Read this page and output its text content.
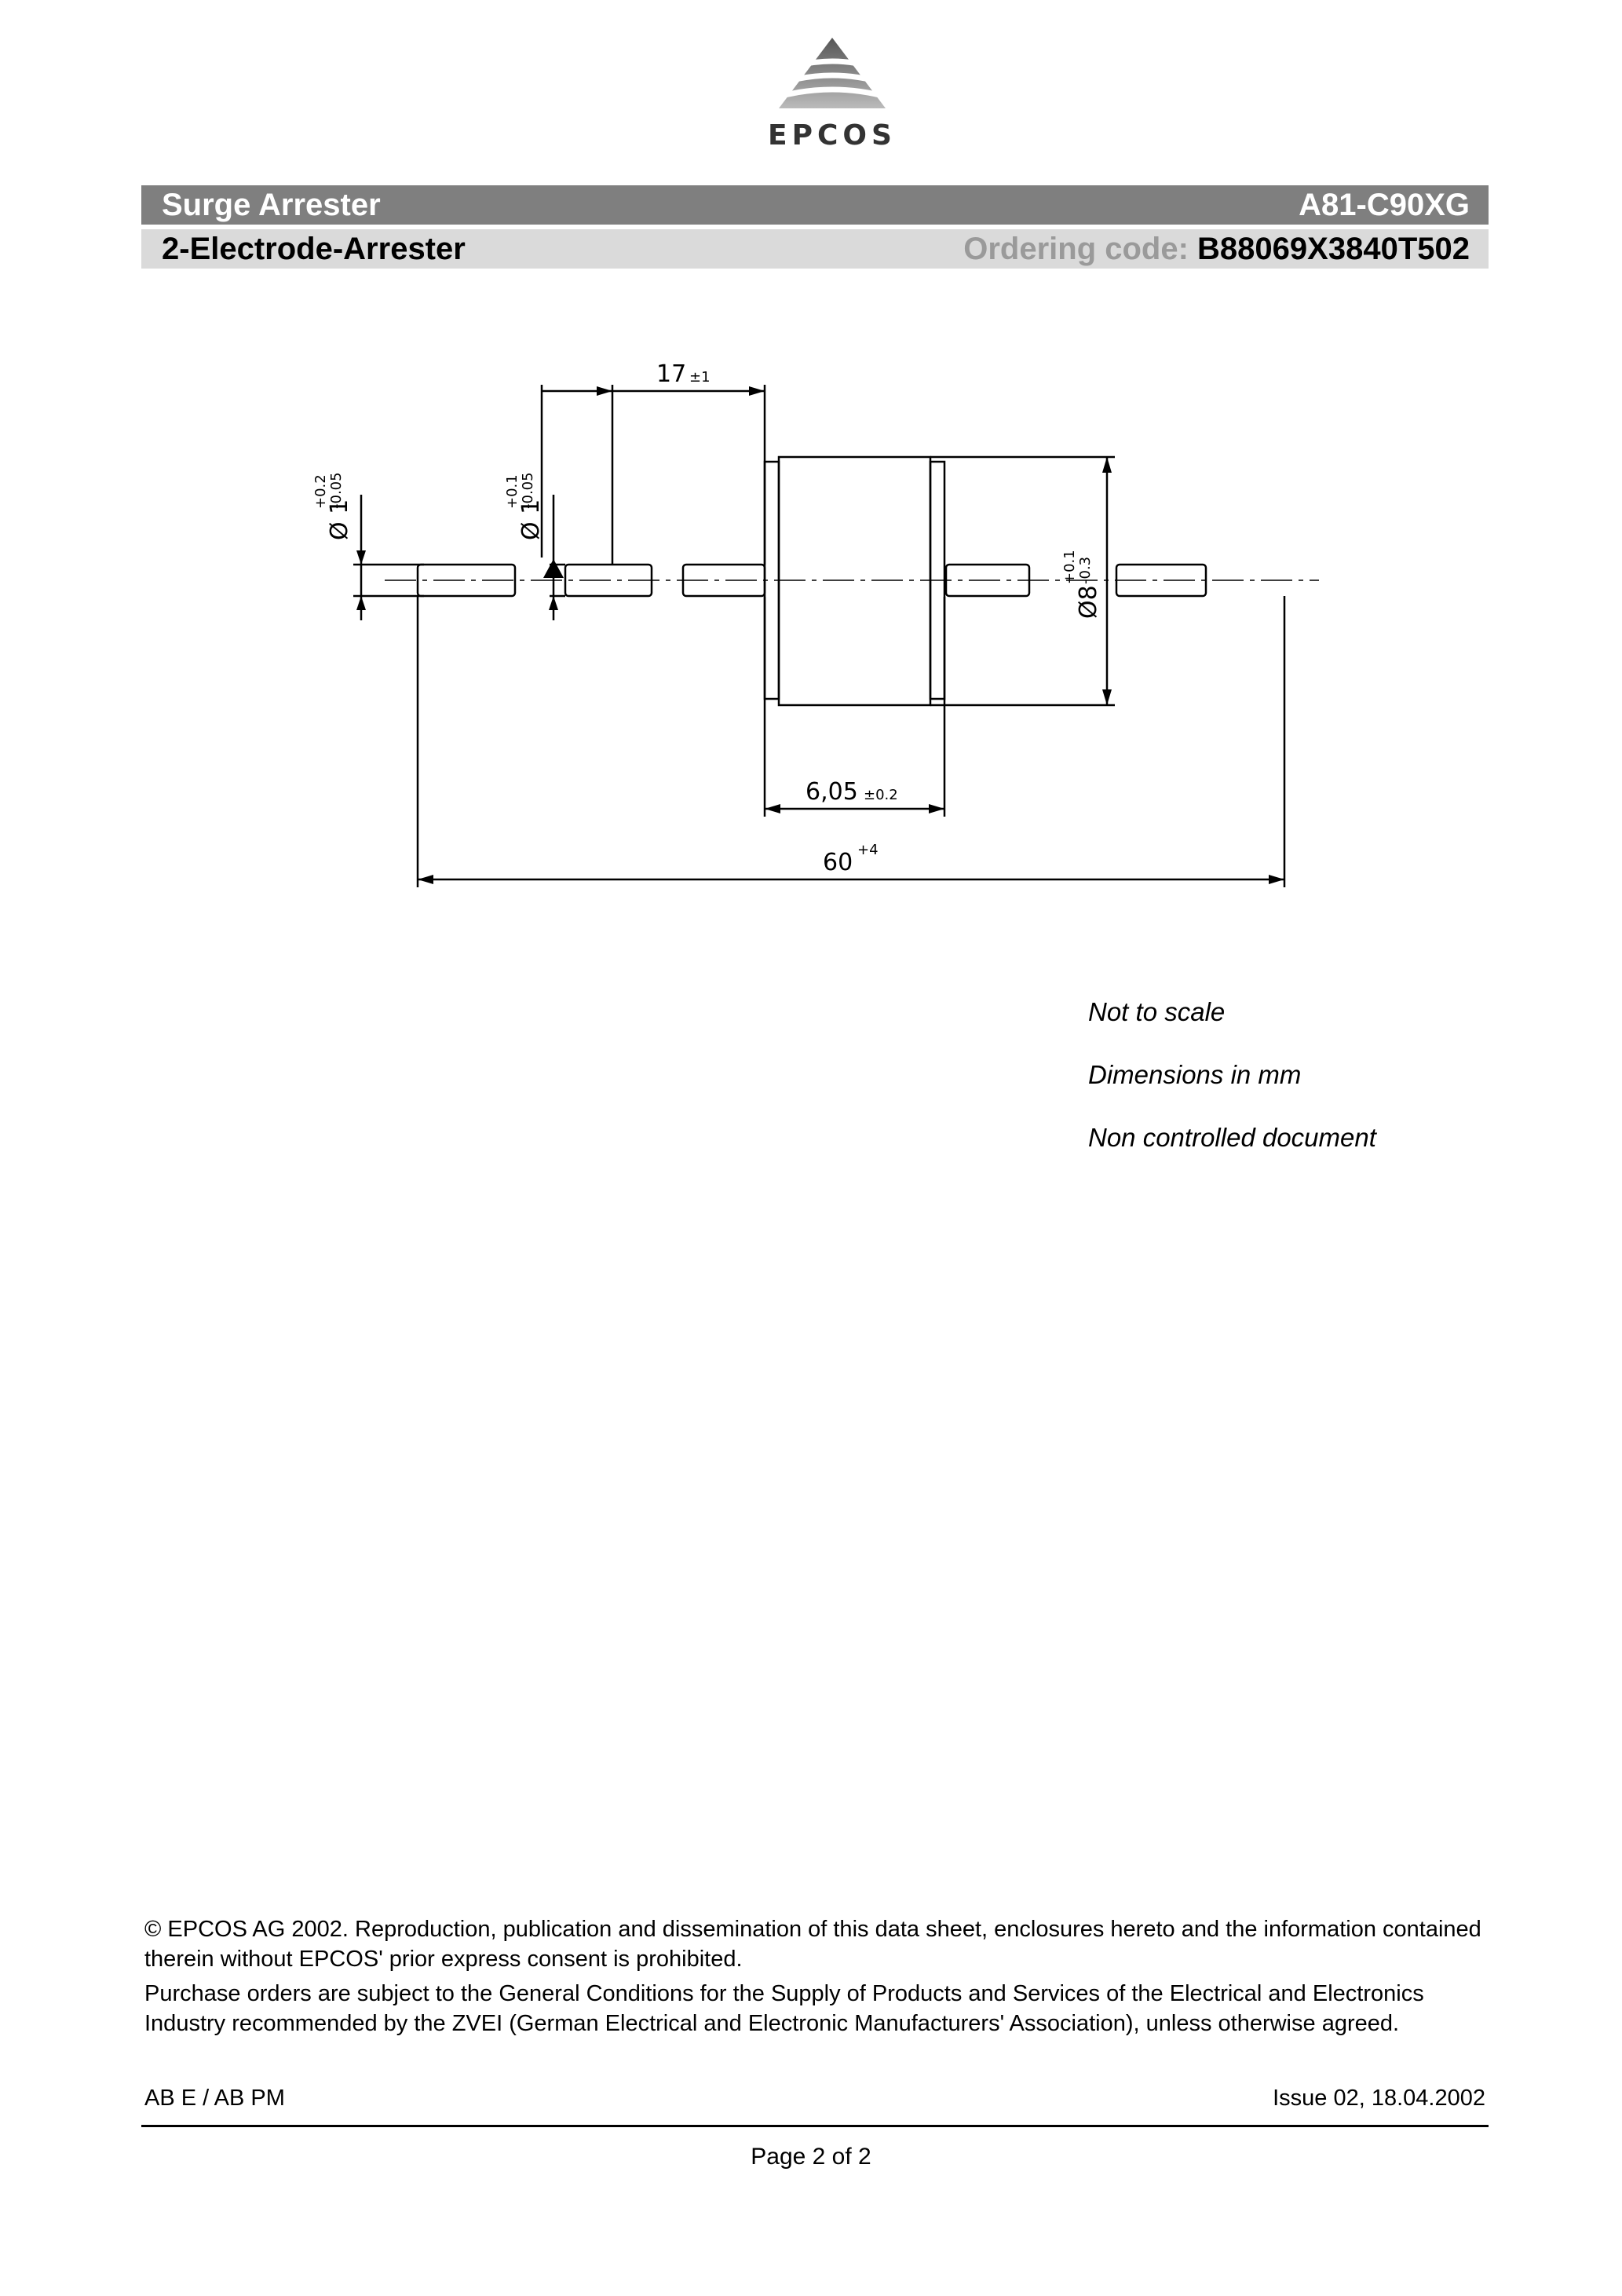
EPCOS
Surge Arrester	A81-C90XG
2-Electrode-Arrester	Ordering code: B88069X3840T502
17 ±1
Ø 1
+0.2 -0.05
Ø 1
+0.1 -0.05
Ø8
+0.1 -0.3
6,05 ±0.2
60 +4
Not to scale
Dimensions in mm
Non controlled document

© EPCOS AG 2002. Reproduction, publication and dissemination of this data sheet, enclosures hereto and the information contained therein without EPCOS' prior express consent is prohibited.

Purchase orders are subject to the General Conditions for the Supply of Products and Services of the Electrical and Electronics Industry recommended by the ZVEI (German Electrical and Electronic Manufacturers' Association), unless otherwise agreed.

AB E / AB PM	Issue 02, 18.04.2002
Page 2 of 2
